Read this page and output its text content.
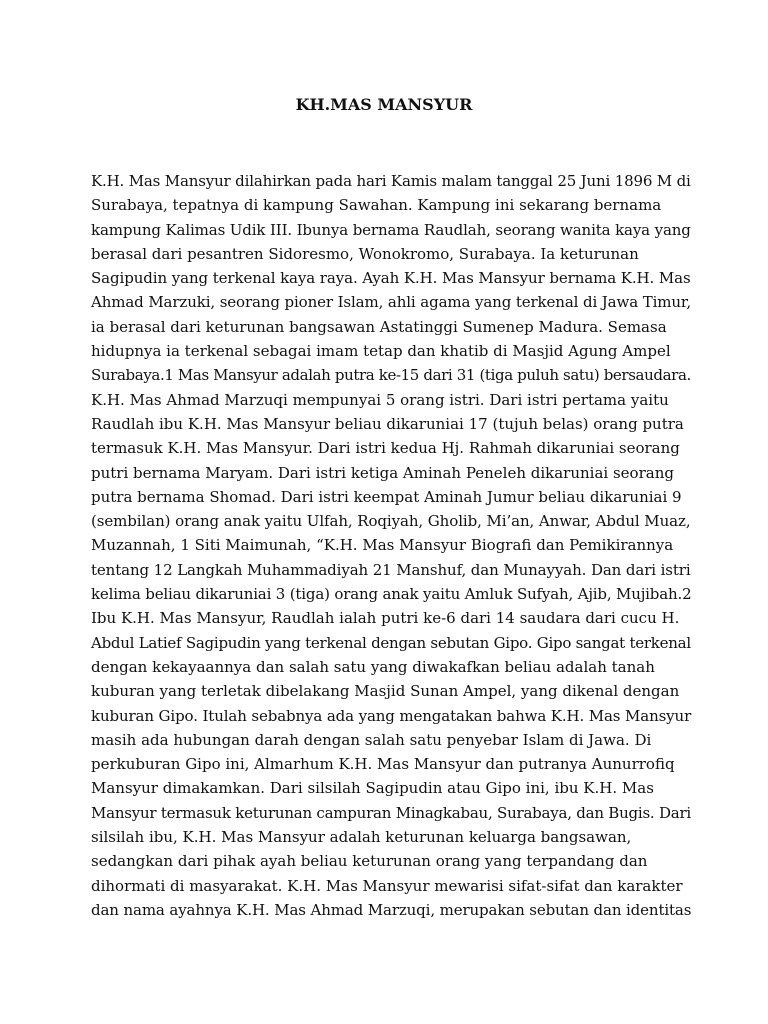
KH.MAS MANSYUR
K.H. Mas Mansyur dilahirkan pada hari Kamis malam tanggal 25 Juni 1896 M di
Surabaya, tepatnya di kampung Sawahan. Kampung ini sekarang bernama
kampung Kalimas Udik III. Ibunya bernama Raudlah, seorang wanita kaya yang
berasal dari pesantren Sidoresmo, Wonokromo, Surabaya. Ia keturunan
Sagipudin yang terkenal kaya raya. Ayah K.H. Mas Mansyur bernama K.H. Mas
Ahmad Marzuki, seorang pioner Islam, ahli agama yang terkenal di Jawa Timur,
ia berasal dari keturunan bangsawan Astatinggi Sumenep Madura. Semasa
hidupnya ia terkenal sebagai imam tetap dan khatib di Masjid Agung Ampel
Surabaya.1 Mas Mansyur adalah putra ke-15 dari 31 (tiga puluh satu) bersaudara.
K.H. Mas Ahmad Marzuqi mempunyai 5 orang istri. Dari istri pertama yaitu
Raudlah ibu K.H. Mas Mansyur beliau dikaruniai 17 (tujuh belas) orang putra
termasuk K.H. Mas Mansyur. Dari istri kedua Hj. Rahmah dikaruniai seorang
putri bernama Maryam. Dari istri ketiga Aminah Peneleh dikaruniai seorang
putra bernama Shomad. Dari istri keempat Aminah Jumur beliau dikaruniai 9
(sembilan) orang anak yaitu Ulfah, Roqiyah, Gholib, Mi’an, Anwar, Abdul Muaz,
Muzannah, 1 Siti Maimunah, “K.H. Mas Mansyur Biografi dan Pemikirannya
tentang 12 Langkah Muhammadiyah 21 Manshuf, dan Munayyah. Dan dari istri
kelima beliau dikaruniai 3 (tiga) orang anak yaitu Amluk Sufyah, Ajib, Mujibah.2
Ibu K.H. Mas Mansyur, Raudlah ialah putri ke-6 dari 14 saudara dari cucu H.
Abdul Latief Sagipudin yang terkenal dengan sebutan Gipo. Gipo sangat terkenal
dengan kekayaannya dan salah satu yang diwakafkan beliau adalah tanah
kuburan yang terletak dibelakang Masjid Sunan Ampel, yang dikenal dengan
kuburan Gipo. Itulah sebabnya ada yang mengatakan bahwa K.H. Mas Mansyur
masih ada hubungan darah dengan salah satu penyebar Islam di Jawa. Di
perkuburan Gipo ini, Almarhum K.H. Mas Mansyur dan putranya Aunurrofiq
Mansyur dimakamkan. Dari silsilah Sagipudin atau Gipo ini, ibu K.H. Mas
Mansyur termasuk keturunan campuran Minagkabau, Surabaya, dan Bugis. Dari
silsilah ibu, K.H. Mas Mansyur adalah keturunan keluarga bangsawan,
sedangkan dari pihak ayah beliau keturunan orang yang terpandang dan
dihormati di masyarakat. K.H. Mas Mansyur mewarisi sifat-sifat dan karakter
dan nama ayahnya K.H. Mas Ahmad Marzuqi, merupakan sebutan dan identitas
